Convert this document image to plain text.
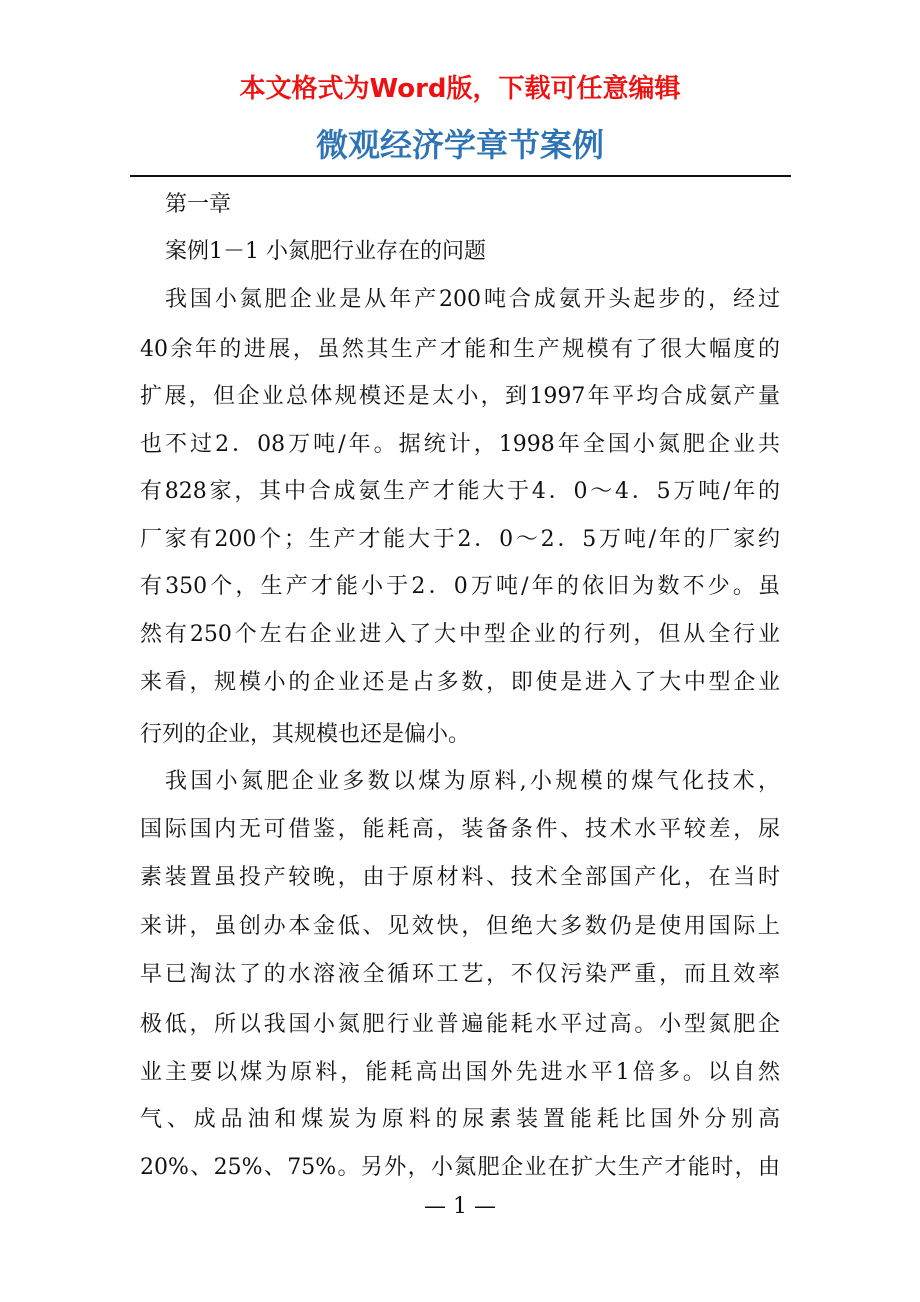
本文格式为Word版，下载可任意编辑
微观经济学章节案例
第一章
案例1－1 小氮肥行业存在的问题
我国小氮肥企业是从年产200吨合成氨开头起步的，经过
40余年的进展，虽然其生产才能和生产规模有了很大幅度的
扩展，但企业总体规模还是太小，到1997年平均合成氨产量
也不过2．08万吨/年。据统计，1998年全国小氮肥企业共
有828家，其中合成氨生产才能大于4．0～4．5万吨/年的
厂家有200个；生产才能大于2．0～2．5万吨/年的厂家约
有350个，生产才能小于2．0万吨/年的依旧为数不少。虽
然有250个左右企业进入了大中型企业的行列，但从全行业
来看，规模小的企业还是占多数，即使是进入了大中型企业
行列的企业，其规模也还是偏小。
我国小氮肥企业多数以煤为原料,小规模的煤气化技术，
国际国内无可借鉴，能耗高，装备条件、技术水平较差，尿
素装置虽投产较晚，由于原材料、技术全部国产化，在当时
来讲，虽创办本金低、见效快，但绝大多数仍是使用国际上
早已淘汰了的水溶液全循环工艺，不仅污染严重，而且效率
极低，所以我国小氮肥行业普遍能耗水平过高。小型氮肥企
业主要以煤为原料，能耗高出国外先进水平1倍多。以自然
气、成品油和煤炭为原料的尿素装置能耗比国外分别高
20%、25%、75%。另外，小氮肥企业在扩大生产才能时，由
— 1 —
